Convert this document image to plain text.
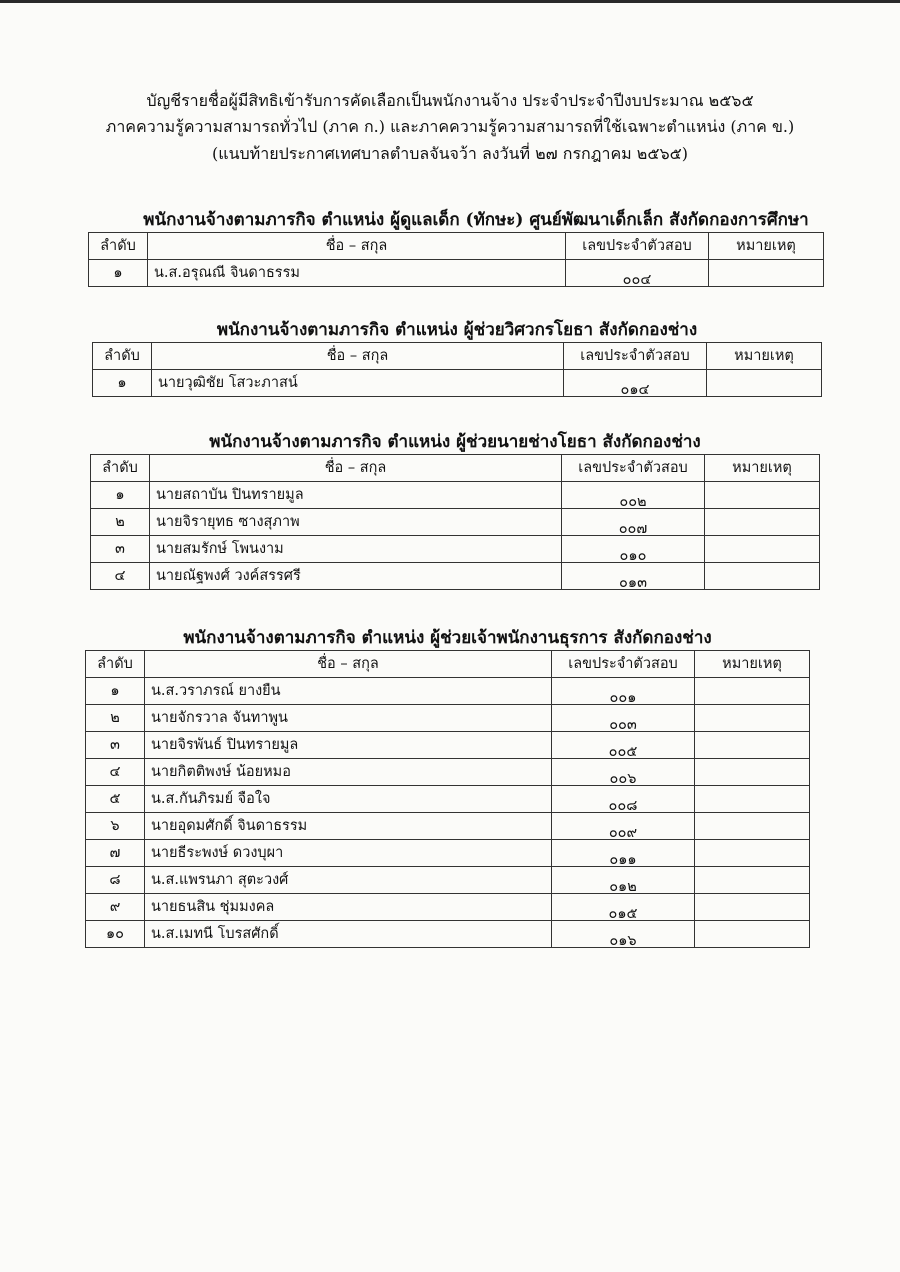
บัญชีรายชื่อผู้มีสิทธิเข้ารับการคัดเลือกเป็นพนักงานจ้าง ประจำประจำปีงบประมาณ ๒๕๖๕
ภาคความรู้ความสามารถทั่วไป (ภาค ก.) และภาคความรู้ความสามารถที่ใช้เฉพาะตำแหน่ง (ภาค ข.)
(แนบท้ายประกาศเทศบาลตำบลจันจว้า ลงวันที่ ๒๗ กรกฎาคม ๒๕๖๕)
พนักงานจ้างตามภารกิจ ตำแหน่ง ผู้ดูแลเด็ก (ทักษะ) ศูนย์พัฒนาเด็กเล็ก สังกัดกองการศึกษา
ลำดับ	ชื่อ – สกุล	เลขประจำตัวสอบ	หมายเหตุ
๑	น.ส.อรุณณี จินดาธรรม	๐๐๔	
พนักงานจ้างตามภารกิจ ตำแหน่ง ผู้ช่วยวิศวกรโยธา สังกัดกองช่าง
ลำดับ	ชื่อ – สกุล	เลขประจำตัวสอบ	หมายเหตุ
๑	นายวุฒิชัย โสวะภาสน์	๐๑๔	
พนักงานจ้างตามภารกิจ ตำแหน่ง ผู้ช่วยนายช่างโยธา สังกัดกองช่าง
ลำดับ	ชื่อ – สกุล	เลขประจำตัวสอบ	หมายเหตุ
๑	นายสถาบัน ปินทรายมูล	๐๐๒	
๒	นายจิรายุทธ ซางสุภาพ	๐๐๗	
๓	นายสมรักษ์ โพนงาม	๐๑๐	
๔	นายณัฐพงศ์ วงค์สรรศรี	๐๑๓	
พนักงานจ้างตามภารกิจ ตำแหน่ง ผู้ช่วยเจ้าพนักงานธุรการ สังกัดกองช่าง
ลำดับ	ชื่อ – สกุล	เลขประจำตัวสอบ	หมายเหตุ
๑	น.ส.วราภรณ์ ยางยืน	๐๐๑	
๒	นายจักรวาล จันทาพูน	๐๐๓	
๓	นายจิรพันธ์ ปินทรายมูล	๐๐๕	
๔	นายกิตติพงษ์ น้อยหมอ	๐๐๖	
๕	น.ส.กันภิรมย์ จือใจ	๐๐๘	
๖	นายอุดมศักดิ์ จินดาธรรม	๐๐๙	
๗	นายธีระพงษ์ ดวงบุผา	๐๑๑	
๘	น.ส.แพรนภา สุตะวงศ์	๐๑๒	
๙	นายธนสิน ชุ่มมงคล	๐๑๕	
๑๐	น.ส.เมทนี โบรสศักดิ์	๐๑๖	
